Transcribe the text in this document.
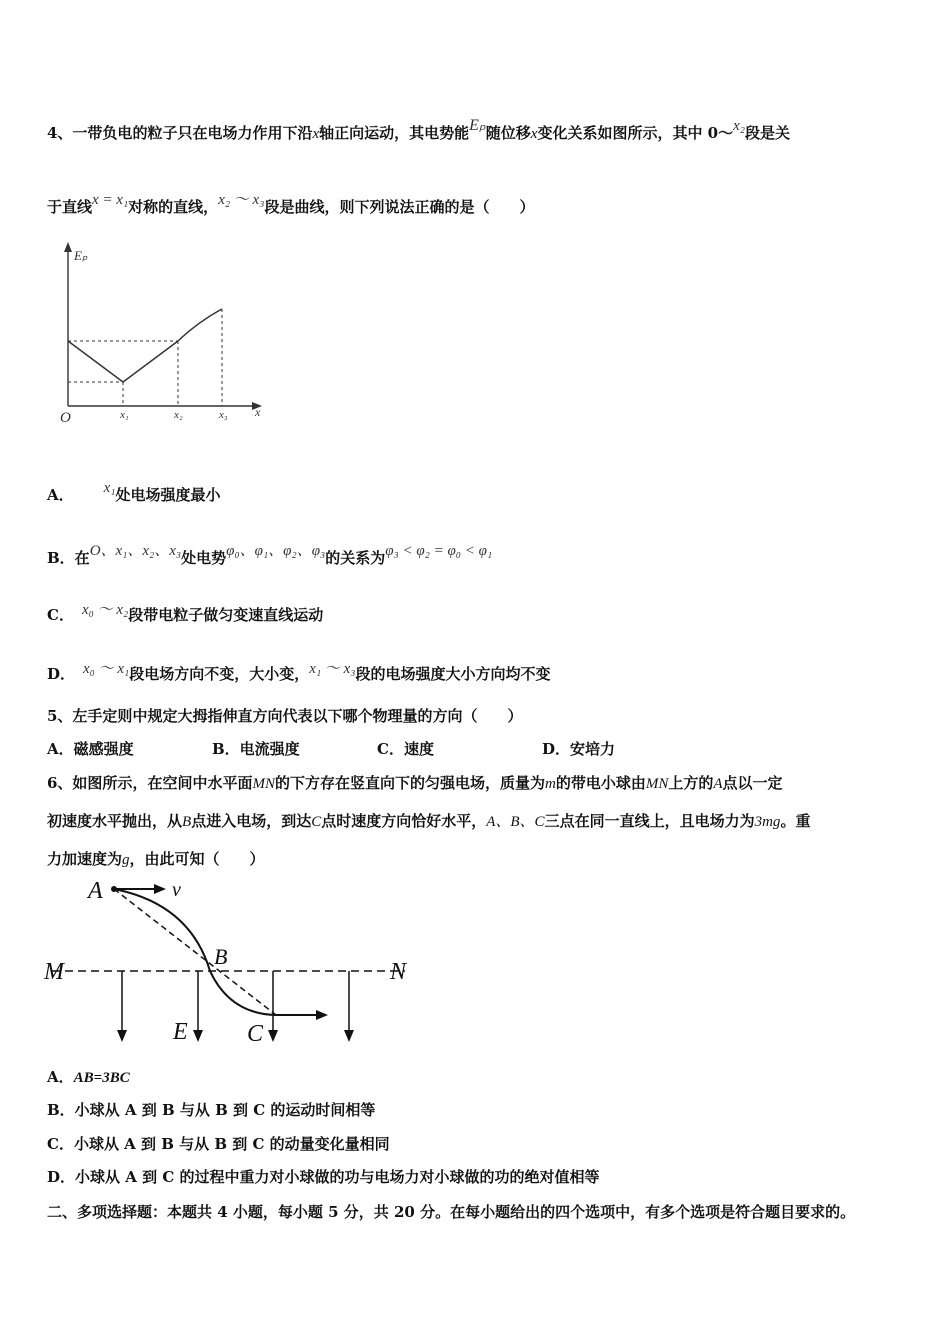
4、一带负电的粒子只在电场力作用下沿x轴正向运动，其电势能Eₚ随位移x变化关系如图所示，其中 0～x₂段是关
于直线x = x₁对称的直线，x₂ ～ x₃段是曲线，则下列说法正确的是（　　）
Eₚ
O	x
x₁	x₂	x₃
A． x₁处电场强度最小
B．在O、x₁、x₂、x₃处电势φ₀、φ₁、φ₂、φ₃的关系为φ₃ < φ₂ = φ₀ < φ₁
C． x₀ ～ x₂段带电粒子做匀变速直线运动
D． x₀ ～ x₁段电场方向不变，大小变，x₁ ～ x₃段的电场强度大小方向均不变
5、左手定则中规定大拇指伸直方向代表以下哪个物理量的方向（　　）
A．磁感强度	B．电流强度	C．速度	D．安培力
6、如图所示，在空间中水平面MN的下方存在竖直向下的匀强电场，质量为m的带电小球由MN上方的A点以一定
初速度水平抛出，从B点进入电场，到达C点时速度方向恰好水平，A、B、C三点在同一直线上，且电场力为3mg。重
力加速度为g，由此可知（　　）
A	v
M	N
B
E C
A．AB=3BC
B．小球从 A 到 B 与从 B 到 C 的运动时间相等
C．小球从 A 到 B 与从 B 到 C 的动量变化量相同
D．小球从 A 到 C 的过程中重力对小球做的功与电场力对小球做的功的绝对值相等
二、多项选择题：本题共 4 小题，每小题 5 分，共 20 分。在每小题给出的四个选项中，有多个选项是符合题目要求的。
